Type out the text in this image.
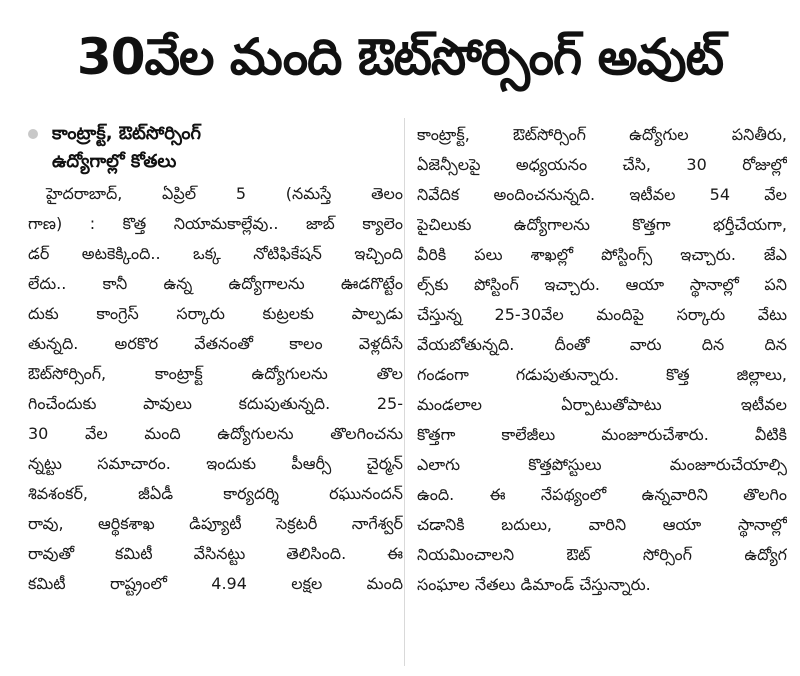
30వేల మంది ఔట్‌సోర్సింగ్ అవుట్
కాంట్రాక్ట్, ఔట్‌సోర్సింగ్
ఉద్యోగాల్లో కోతలు
హైదరాబాద్, ఏప్రిల్ 5 (నమస్తే తెలం
గాణ) : కొత్త నియామకాల్లేవు.. జాబ్ క్యాలెం
డర్ అటకెక్కింది.. ఒక్క నోటిఫికేషన్ ఇచ్చింది
లేదు.. కానీ ఉన్న ఉద్యోగాలను ఊడగొట్టేం
దుకు కాంగ్రెస్ సర్కారు కుట్రలకు పాల్పడు
తున్నది. అరకొర వేతనంతో కాలం వెళ్లదీసే
ఔట్‌సోర్సింగ్, కాంట్రాక్ట్ ఉద్యోగులను తొల
గించేందుకు పావులు కదుపుతున్నది. 25-
30 వేల మంది ఉద్యోగులను తొలగించను
న్నట్టు సమాచారం. ఇందుకు పీఆర్సీ చైర్మన్
శివశంకర్, జీఏడీ కార్యదర్శి రఘునందన్
రావు, ఆర్థికశాఖ డిప్యూటీ సెక్రటరీ నాగేశ్వర్
రావుతో కమిటీ వేసినట్టు తెలిసింది. ఈ
కమిటీ రాష్ట్రంలో 4.94 లక్షల మంది
కాంట్రాక్ట్, ఔట్‌సోర్సింగ్ ఉద్యోగుల పనితీరు,
ఏజెన్సీలపై అధ్యయనం చేసి, 30 రోజుల్లో
నివేదిక అందించనున్నది. ఇటీవల 54 వేల
పైచిలుకు ఉద్యోగాలను కొత్తగా భర్తీచేయగా,
వీరికి పలు శాఖల్లో పోస్టింగ్స్ ఇచ్చారు. జేఎ
ల్స్‌కు పోస్టింగ్ ఇచ్చారు. ఆయా స్థానాల్లో పని
చేస్తున్న 25-30వేల మందిపై సర్కారు వేటు
వేయబోతున్నది. దీంతో వారు దిన దిన
గండంగా గడుపుతున్నారు. కొత్త జిల్లాలు,
మండలాల ఏర్పాటుతోపాటు ఇటీవల
కొత్తగా కాలేజీలు మంజూరుచేశారు. వీటికి
ఎలాగు కొత్తపోస్టులు మంజూరుచేయాల్సి
ఉంది. ఈ నేపథ్యంలో ఉన్నవారిని తొలగిం
చడానికి బదులు, వారిని ఆయా స్థానాల్లో
నియమించాలని ఔట్ సోర్సింగ్ ఉద్యోగ
సంఘాల నేతలు డిమాండ్ చేస్తున్నారు.
